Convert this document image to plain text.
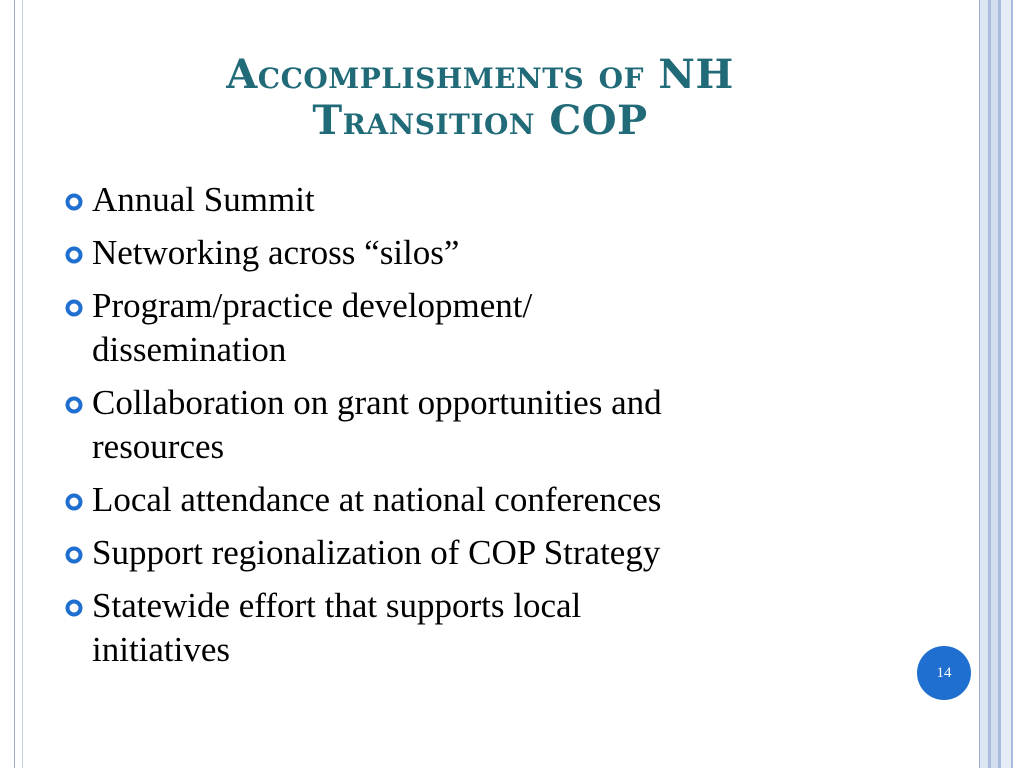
Accomplishments of NH
Transition COP
Annual Summit
Networking across “silos”
Program/practice development/
dissemination
Collaboration on grant opportunities and
resources
Local attendance at national conferences
Support regionalization of COP Strategy
Statewide effort that supports local
initiatives
14
